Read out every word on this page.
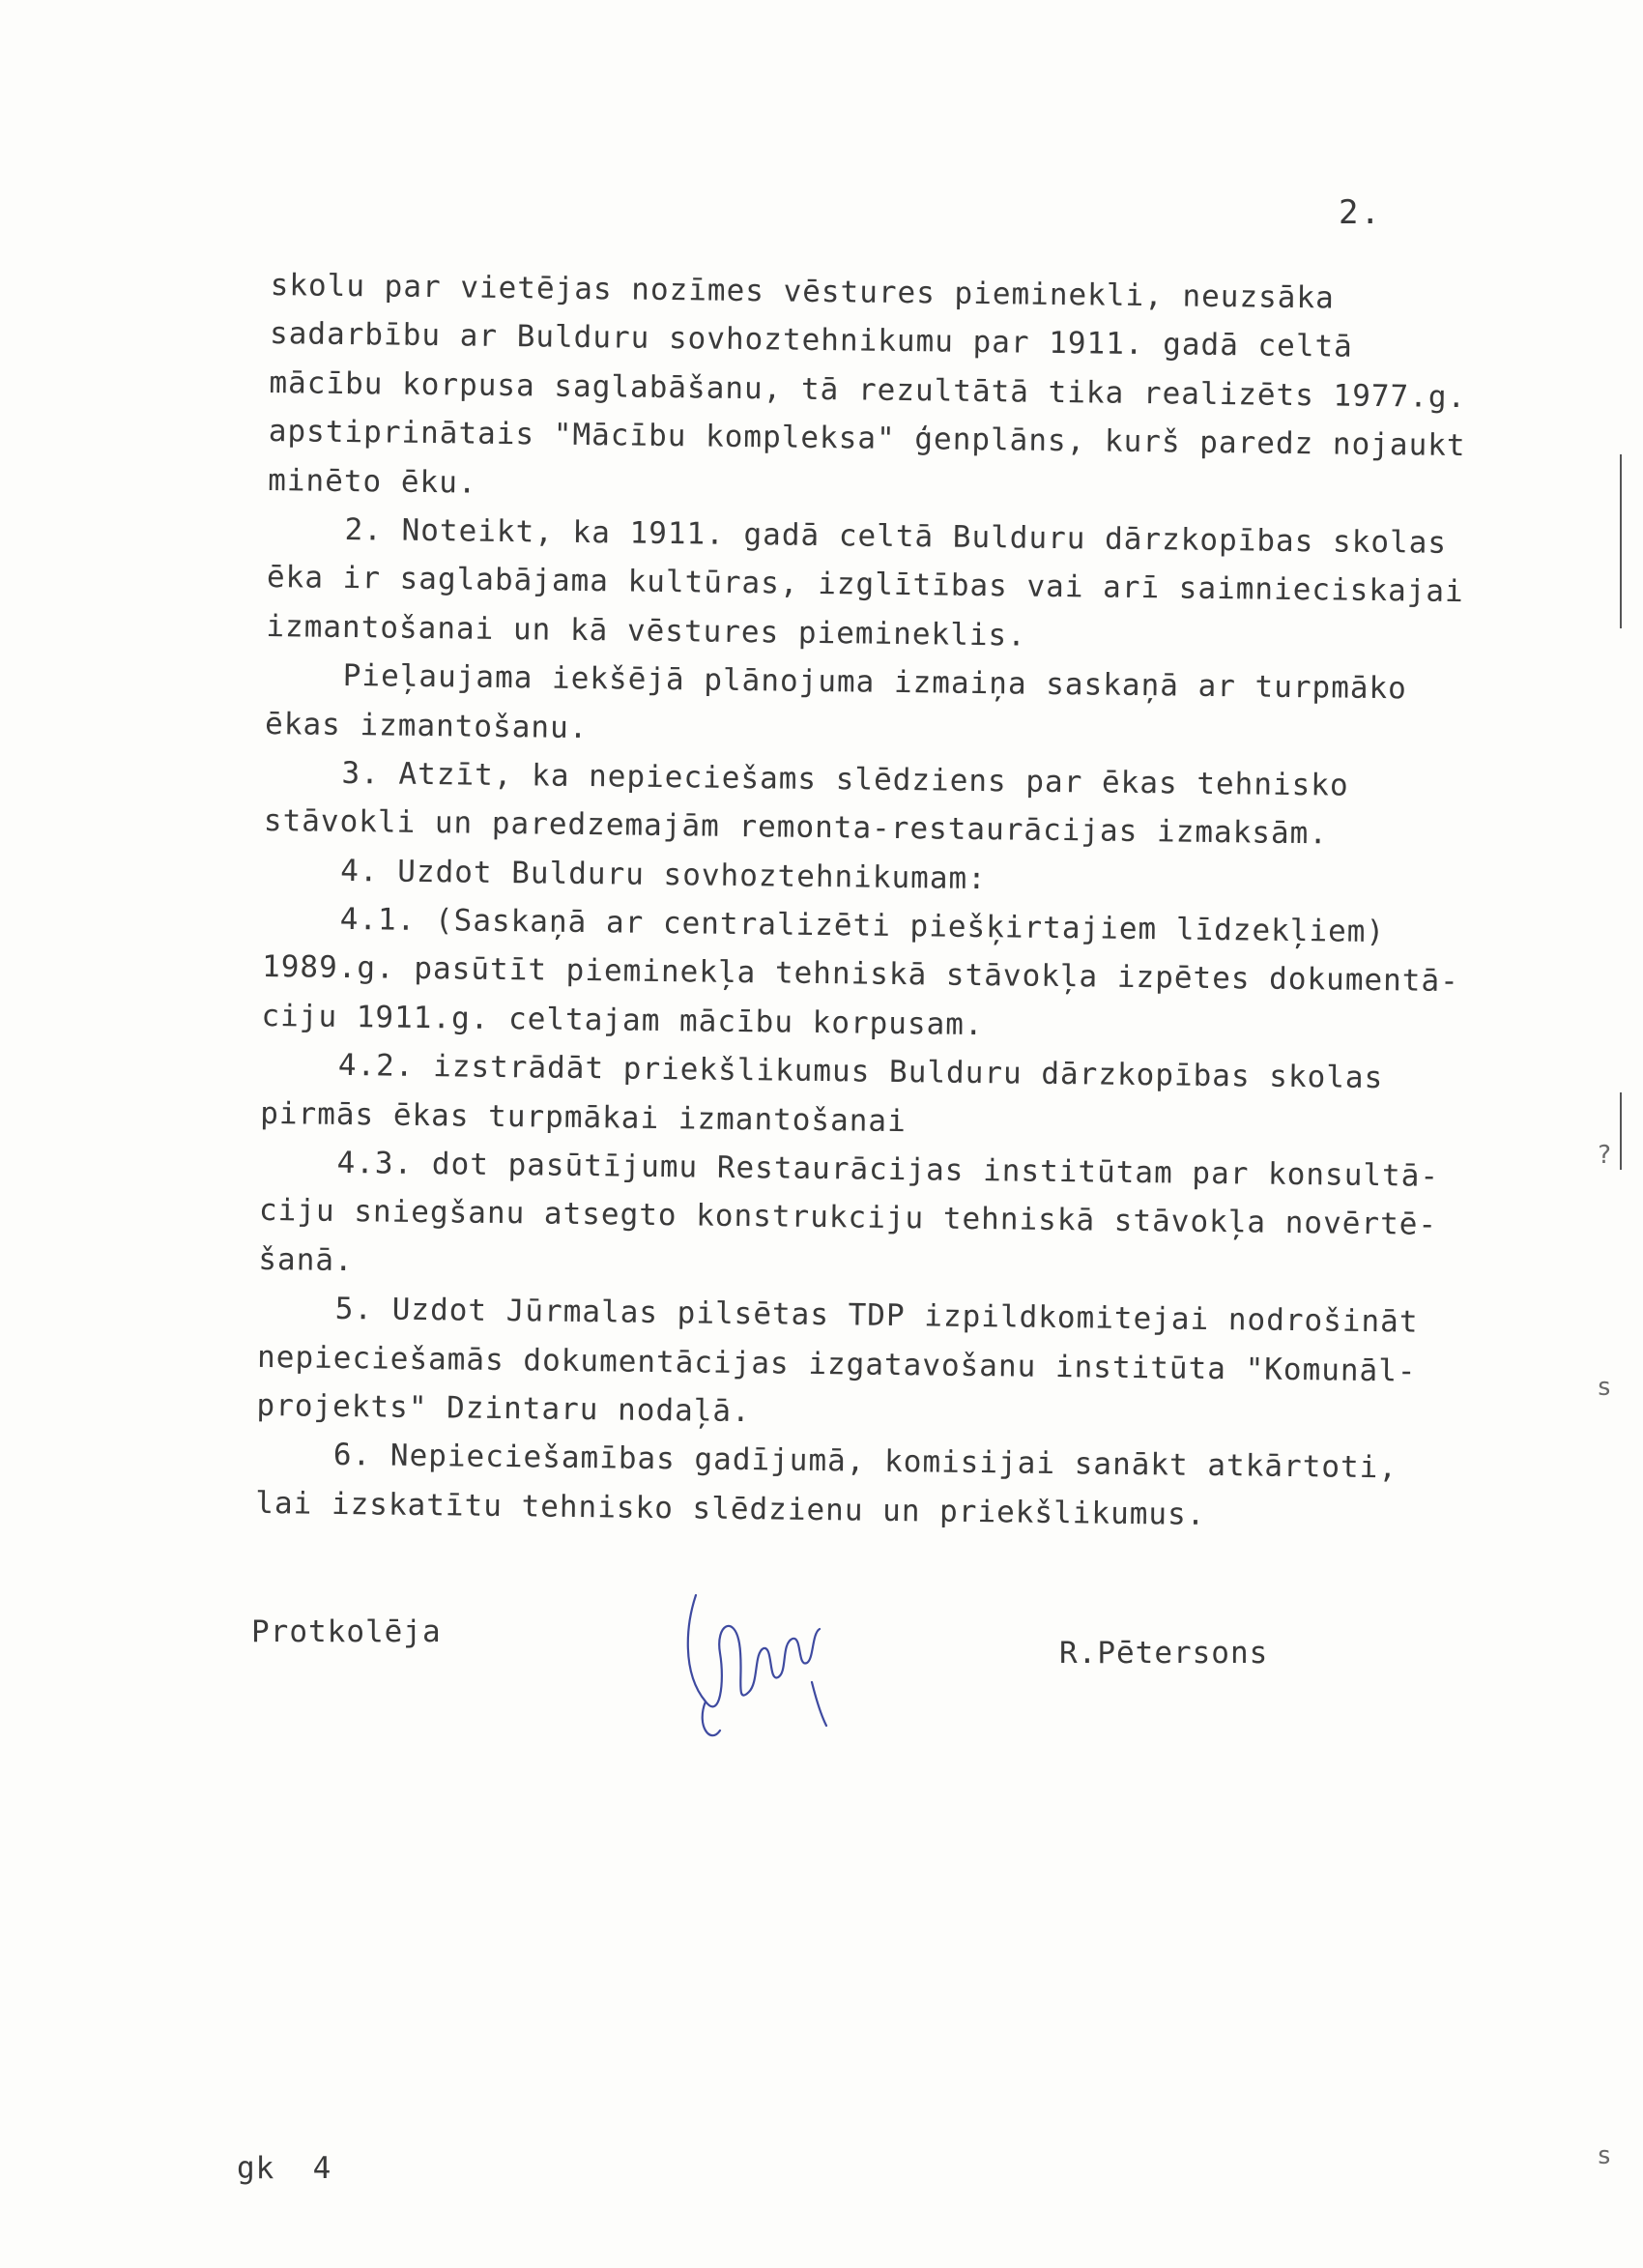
2.
skolu par vietējas nozīmes vēstures pieminekli, neuzsāka
sadarbību ar Bulduru sovhoztehnikumu par 1911. gadā celtā
mācību korpusa saglabāšanu, tā rezultātā tika realizēts 1977.g.
apstiprinātais "Mācību kompleksa" ģenplāns, kurš paredz nojaukt
minēto ēku.
2. Noteikt, ka 1911. gadā celtā Bulduru dārzkopības skolas
ēka ir saglabājama kultūras, izglītības vai arī saimnieciskajai
izmantošanai un kā vēstures piemineklis.
Pieļaujama iekšējā plānojuma izmaiņa saskaņā ar turpmāko
ēkas izmantošanu.
3. Atzīt, ka nepieciešams slēdziens par ēkas tehnisko
stāvokli un paredzemajām remonta-restaurācijas izmaksām.
4. Uzdot Bulduru sovhoztehnikumam:
4.1. (Saskaņā ar centralizēti piešķirtajiem līdzekļiem)
1989.g. pasūtīt pieminekļa tehniskā stāvokļa izpētes dokumentā-
ciju 1911.g. celtajam mācību korpusam.
4.2. izstrādāt priekšlikumus Bulduru dārzkopības skolas
pirmās ēkas turpmākai izmantošanai
4.3. dot pasūtījumu Restaurācijas institūtam par konsultā-
ciju sniegšanu atsegto konstrukciju tehniskā stāvokļa novērtē-
šanā.
5. Uzdot Jūrmalas pilsētas TDP izpildkomitejai nodrošināt
nepieciešamās dokumentācijas izgatavošanu institūta "Komunāl-
projekts" Dzintaru nodaļā.
6. Nepieciešamības gadījumā, komisijai sanākt atkārtoti,
lai izskatītu tehnisko slēdzienu un priekšlikumus.
Protkolēja
R.Pētersons
gk  4
?
s
s
